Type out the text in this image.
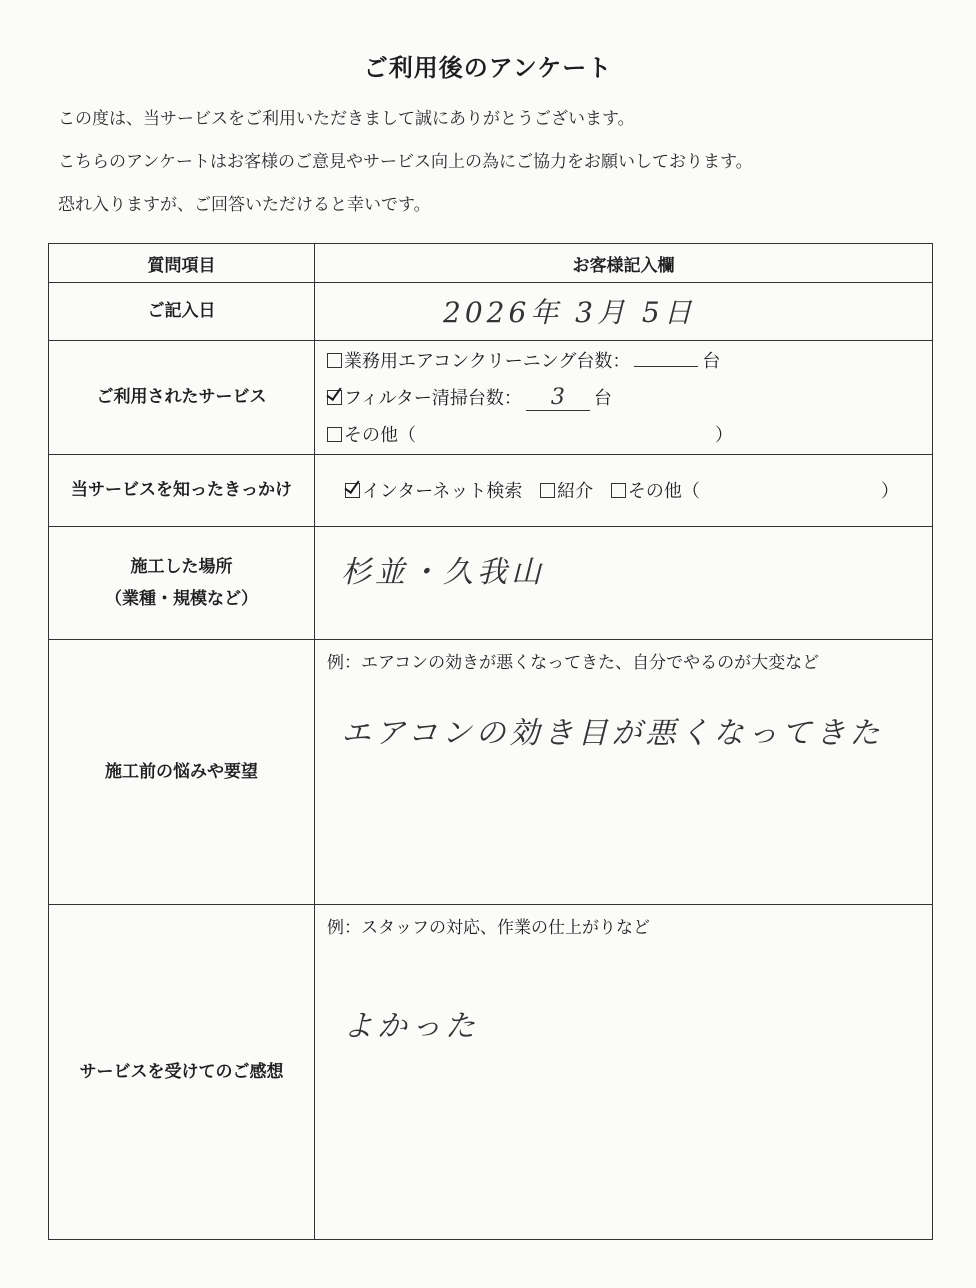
ご利用後のアンケート
この度は、当サービスをご利用いただきまして誠にありがとうございます。
こちらのアンケートはお客様のご意見やサービス向上の為にご協力をお願いしております。
恐れ入りますが、ご回答いただけると幸いです。
質問項目	お客様記入欄
ご記入日	2026年 3月 5日

ご利用されたサービス	業務用エアコンクリーニング台数： 台
フィルター清掃台数： 3 台
その他（ ）

当サービスを知ったきっかけ	インターネット検索 紹介 その他（ ）

施工した場所
（業種・規模など）	杉並・久我山

施工前の悩みや要望	例：エアコンの効きが悪くなってきた、自分でやるのが大変など
エアコンの効き目が悪くなってきた

サービスを受けてのご感想	例：スタッフの対応、作業の仕上がりなど
よかった
